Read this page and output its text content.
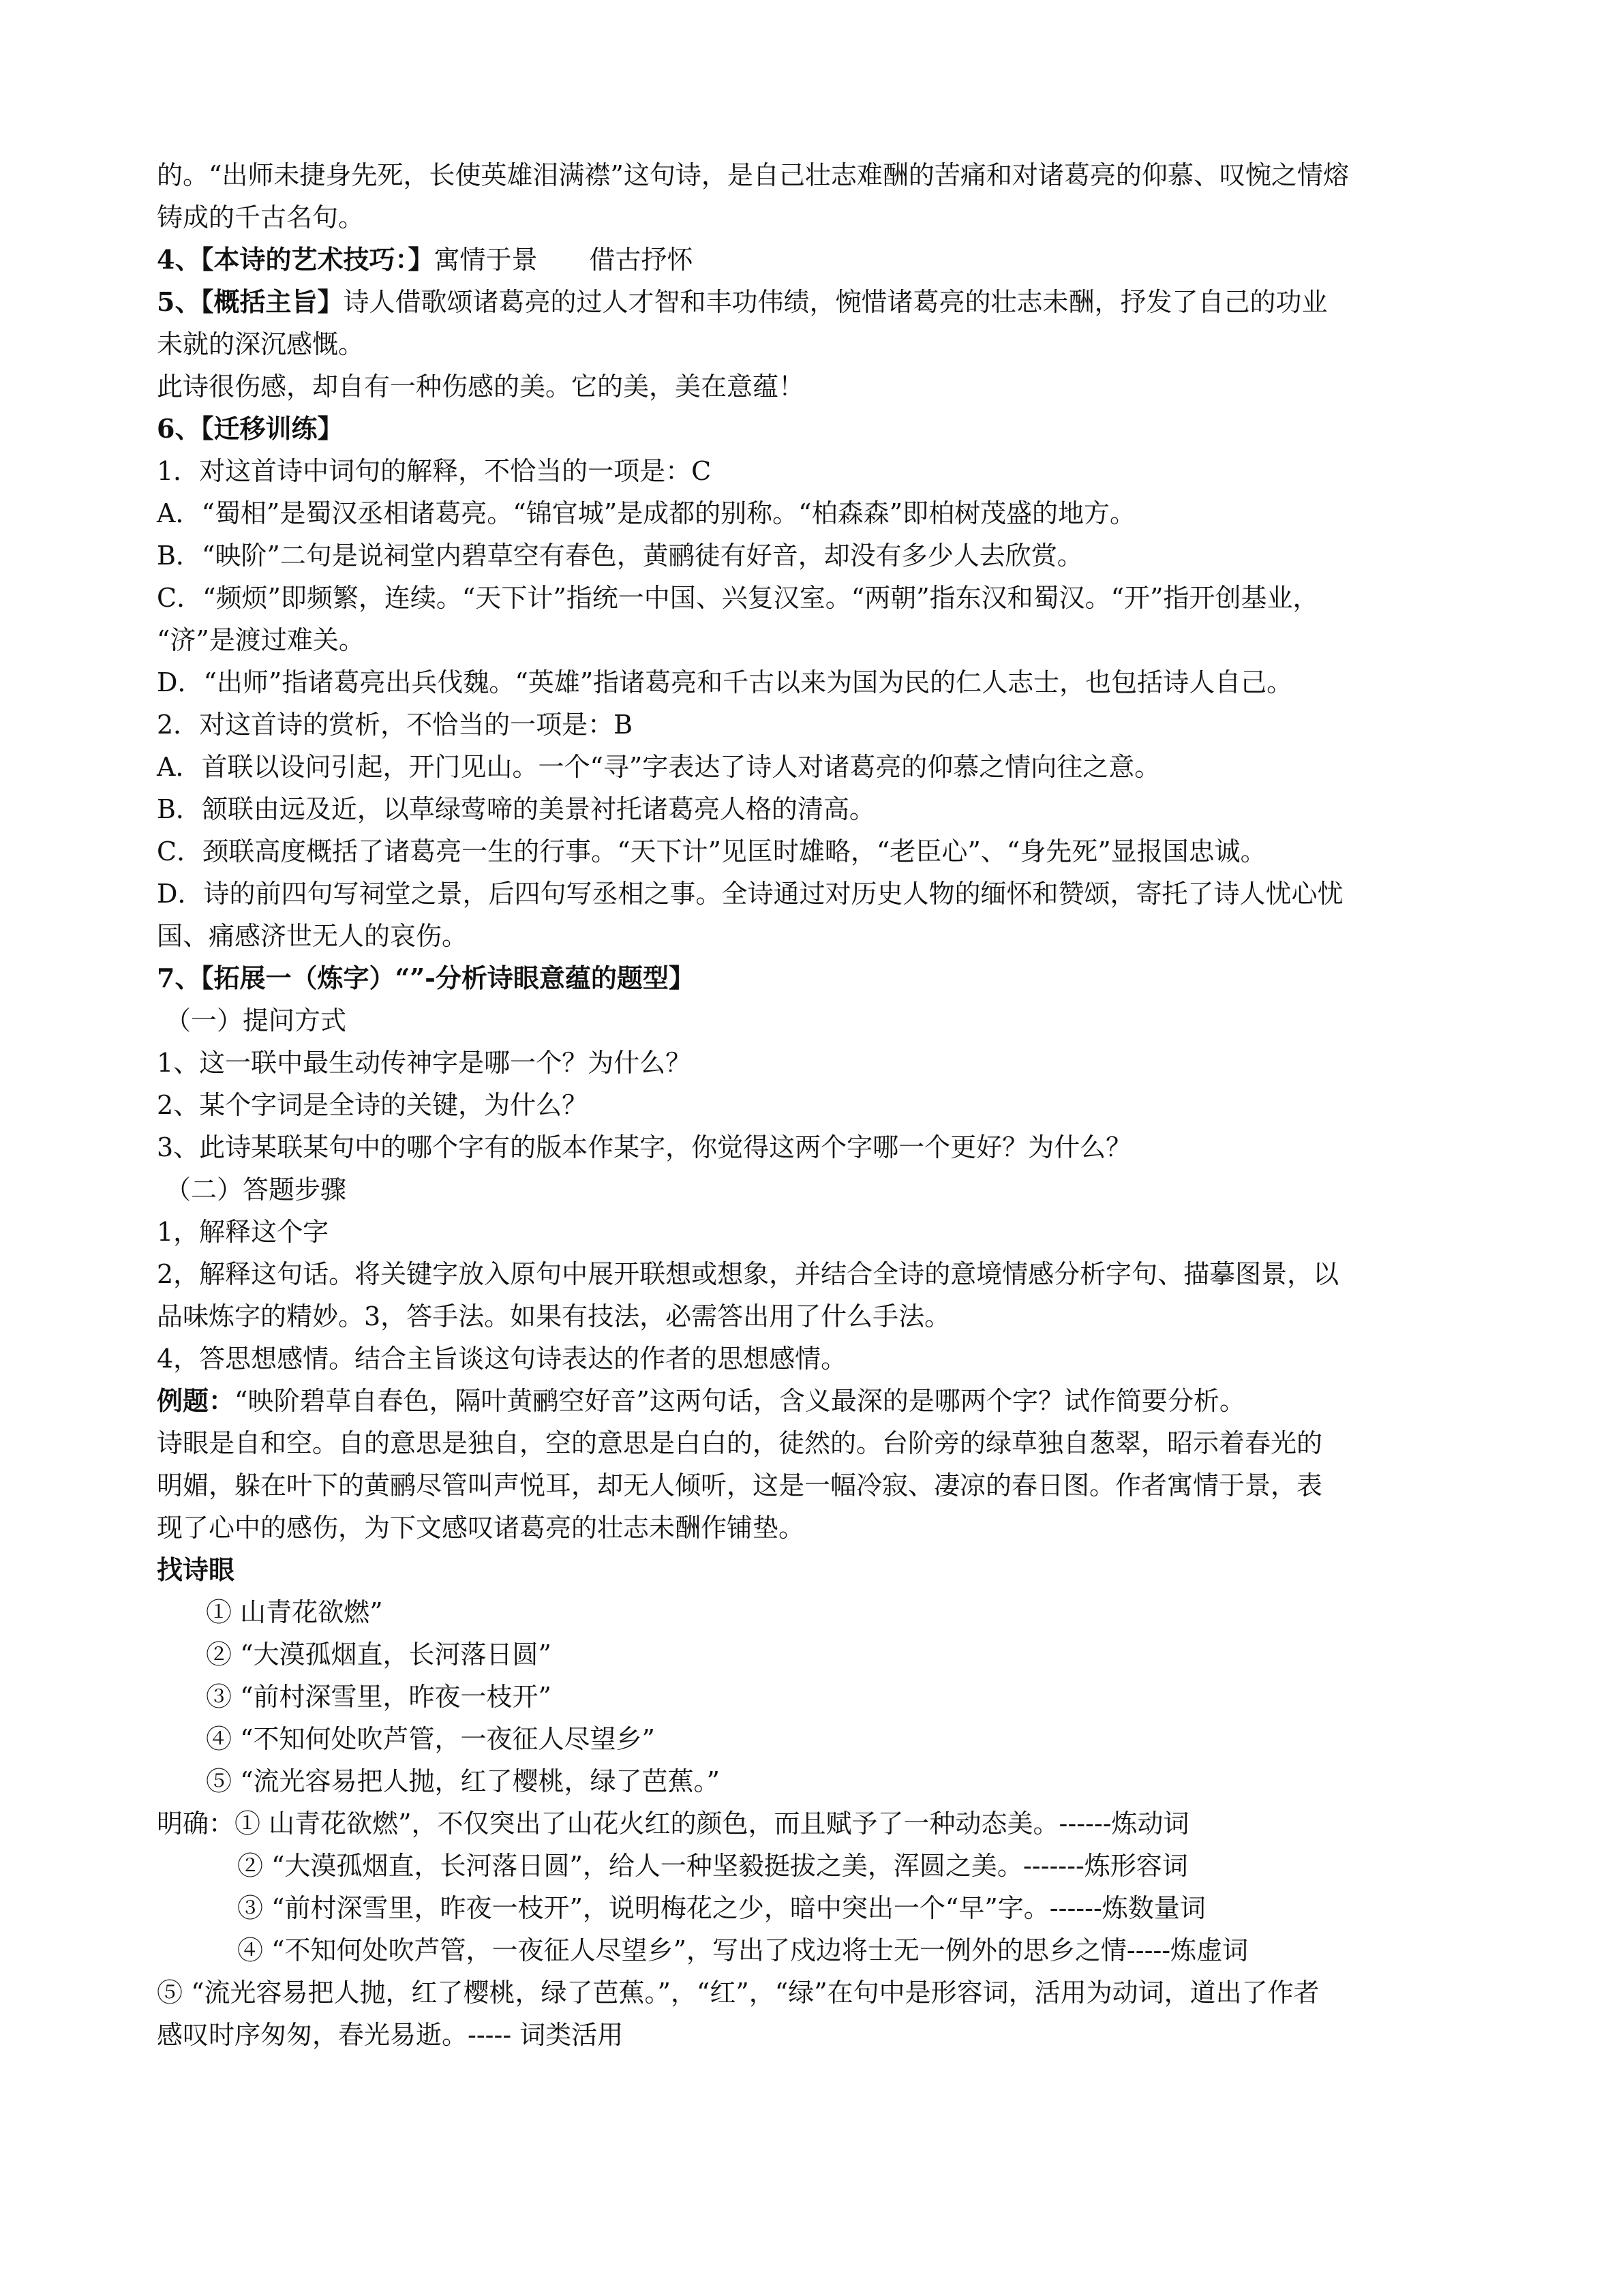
的。“出师未捷身先死，长使英雄泪满襟”这句诗，是自己壮志难酬的苦痛和对诸葛亮的仰慕、叹惋之情熔

铸成的千古名句。

4、【本诗的艺术技巧：】寓情于景　　借古抒怀

5、【概括主旨】诗人借歌颂诸葛亮的过人才智和丰功伟绩，惋惜诸葛亮的壮志未酬，抒发了自己的功业

未就的深沉感慨。

此诗很伤感，却自有一种伤感的美。它的美，美在意蕴！

6、【迁移训练】

1．对这首诗中词句的解释，不恰当的一项是：C

A．“蜀相”是蜀汉丞相诸葛亮。“锦官城”是成都的别称。“柏森森”即柏树茂盛的地方。

B．“映阶”二句是说祠堂内碧草空有春色，黄鹂徒有好音，却没有多少人去欣赏。

C．“频烦”即频繁，连续。“天下计”指统一中国、兴复汉室。“两朝”指东汉和蜀汉。“开”指开创基业，

“济”是渡过难关。

D．“出师”指诸葛亮出兵伐魏。“英雄”指诸葛亮和千古以来为国为民的仁人志士，也包括诗人自己。

2．对这首诗的赏析，不恰当的一项是：B

A．首联以设问引起，开门见山。一个“寻”字表达了诗人对诸葛亮的仰慕之情向往之意。

B．颔联由远及近，以草绿莺啼的美景衬托诸葛亮人格的清高。

C．颈联高度概括了诸葛亮一生的行事。“天下计”见匡时雄略，“老臣心”、“身先死”显报国忠诚。

D．诗的前四句写祠堂之景，后四句写丞相之事。全诗通过对历史人物的缅怀和赞颂，寄托了诗人忧心忧

国、痛感济世无人的哀伤。

7、【拓展一（炼字）“”-分析诗眼意蕴的题型】

（一）提问方式

1、这一联中最生动传神字是哪一个？为什么？

2、某个字词是全诗的关键，为什么？

3、此诗某联某句中的哪个字有的版本作某字，你觉得这两个字哪一个更好？为什么？

（二）答题步骤

1，解释这个字

2，解释这句话。将关键字放入原句中展开联想或想象，并结合全诗的意境情感分析字句、描摹图景，以

品味炼字的精妙。3，答手法。如果有技法，必需答出用了什么手法。

4，答思想感情。结合主旨谈这句诗表达的作者的思想感情。

例题：“映阶碧草自春色，隔叶黄鹂空好音”这两句话，含义最深的是哪两个字？试作简要分析。

诗眼是自和空。自的意思是独自，空的意思是白白的，徒然的。台阶旁的绿草独自葱翠，昭示着春光的

明媚，躲在叶下的黄鹂尽管叫声悦耳，却无人倾听，这是一幅冷寂、凄凉的春日图。作者寓情于景，表

现了心中的感伤，为下文感叹诸葛亮的壮志未酬作铺垫。

找诗眼

① 山青花欲燃”

② “大漠孤烟直，长河落日圆”

③ “前村深雪里，昨夜一枝开”

④ “不知何处吹芦管，一夜征人尽望乡”

⑤ “流光容易把人抛，红了樱桃，绿了芭蕉。”

明确：① 山青花欲燃”，不仅突出了山花火红的颜色，而且赋予了一种动态美。------炼动词

② “大漠孤烟直，长河落日圆”，给人一种坚毅挺拔之美，浑圆之美。-------炼形容词

③ “前村深雪里，昨夜一枝开”，说明梅花之少，暗中突出一个“早”字。------炼数量词

④ “不知何处吹芦管，一夜征人尽望乡”，写出了戍边将士无一例外的思乡之情-----炼虚词

⑤ “流光容易把人抛，红了樱桃，绿了芭蕉。”，“红”，“绿”在句中是形容词，活用为动词，道出了作者

感叹时序匆匆，春光易逝。----- 词类活用
